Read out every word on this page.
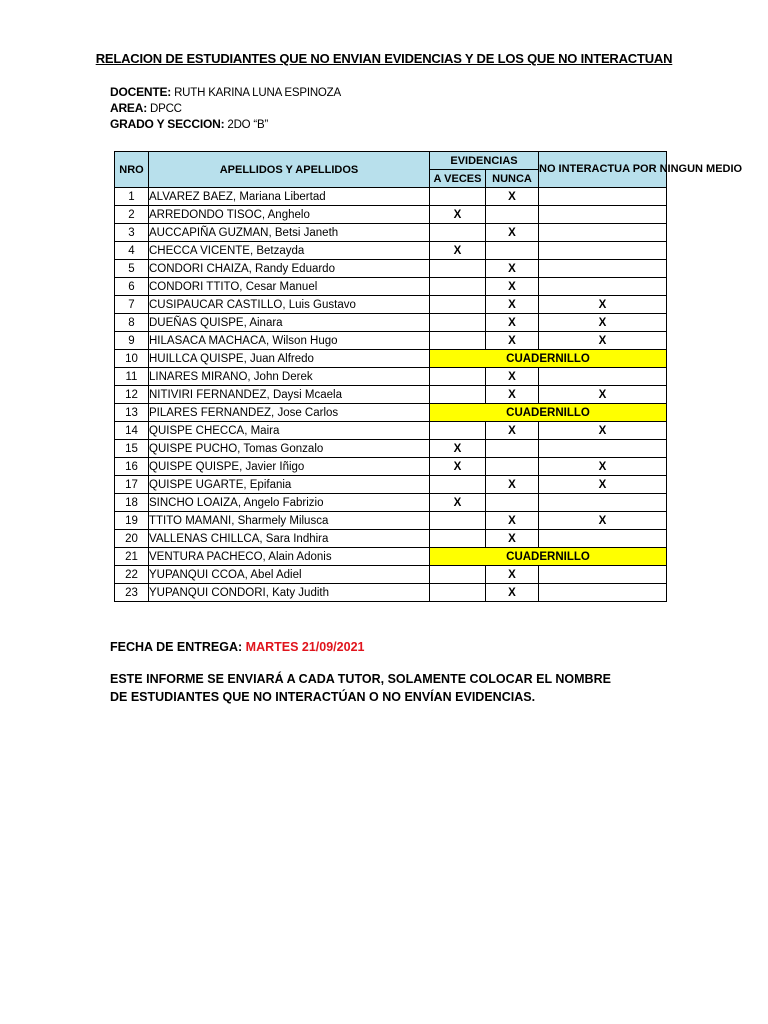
RELACION DE ESTUDIANTES QUE NO ENVIAN EVIDENCIAS Y DE LOS QUE NO INTERACTUAN
DOCENTE: RUTH KARINA LUNA ESPINOZA
AREA: DPCC
GRADO Y SECCION: 2DO “B”
NRO	APELLIDOS Y APELLIDOS	EVIDENCIAS		NO INTERACTUA POR NINGUN MEDIO
		A VECES	NUNCA	
1	ALVAREZ BAEZ, Mariana Libertad		X	
2	ARREDONDO TISOC, Anghelo	X		
3	AUCCAPIÑA GUZMAN, Betsi Janeth		X	
4	CHECCA VICENTE, Betzayda	X		
5	CONDORI CHAIZA, Randy Eduardo		X	
6	CONDORI TTITO, Cesar Manuel		X	
7	CUSIPAUCAR CASTILLO, Luis Gustavo		X	X
8	DUEÑAS QUISPE, Ainara		X	X
9	HILASACA MACHACA, Wilson Hugo		X	X
10	HUILLCA QUISPE, Juan Alfredo	CUADERNILLO		
11	LINARES MIRANO, John Derek		X	
12	NITIVIRI FERNANDEZ, Daysi Mcaela		X	X
13	PILARES FERNANDEZ, Jose Carlos	CUADERNILLO		
14	QUISPE CHECCA, Maira		X	X
15	QUISPE PUCHO, Tomas Gonzalo	X		
16	QUISPE QUISPE, Javier Iñigo	X		X
17	QUISPE UGARTE, Epifania		X	X
18	SINCHO LOAIZA, Angelo Fabrizio	X		
19	TTITO MAMANI, Sharmely Milusca		X	X
20	VALLENAS CHILLCA, Sara Indhira		X	
21	VENTURA PACHECO, Alain Adonis	CUADERNILLO		
22	YUPANQUI CCOA, Abel Adiel		X	
23	YUPANQUI CONDORI, Katy Judith		X	
FECHA DE ENTREGA: MARTES 21/09/2021
ESTE INFORME SE ENVIARÁ A CADA TUTOR, SOLAMENTE COLOCAR EL NOMBRE DE ESTUDIANTES QUE NO INTERACTÚAN O NO ENVÍAN EVIDENCIAS.
